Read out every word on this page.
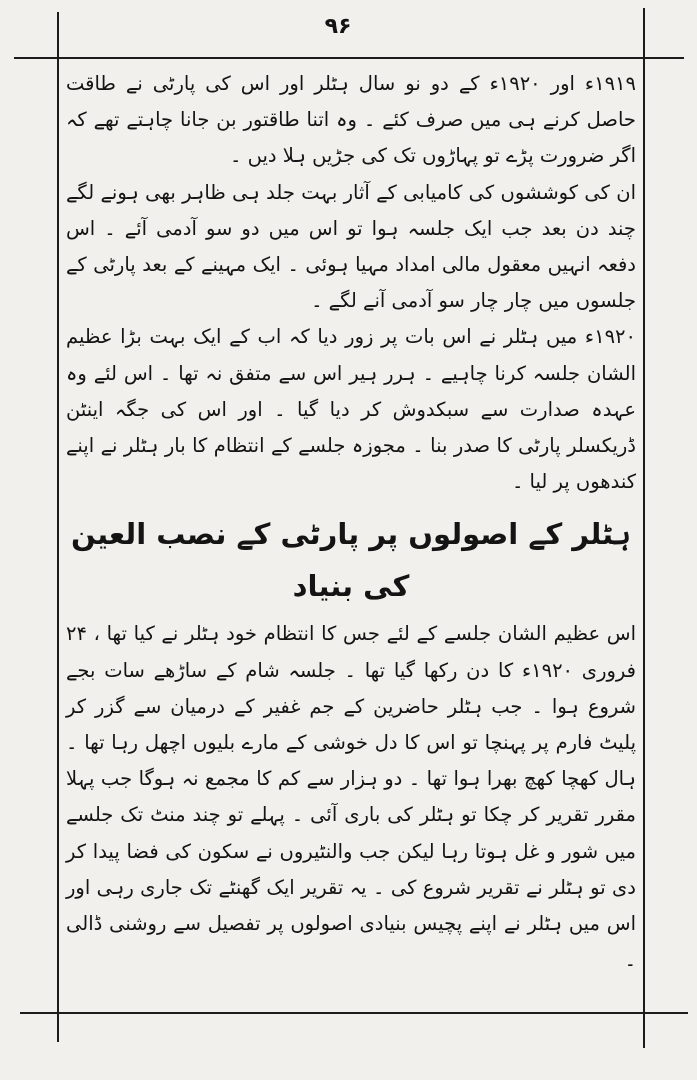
۹۶

۱۹۱۹ء اور ۱۹۲۰ء کے دو نو سال ہٹلر اور اس کی پارٹی نے طاقت حاصل کرنے ہی میں صرف کئے ۔ وہ اتنا طاقتور بن جانا چاہتے تھے کہ اگر ضرورت پڑے تو پہاڑوں تک کی جڑیں ہلا دیں ۔

ان کی کوششوں کی کامیابی کے آثار بہت جلد ہی ظاہر بھی ہونے لگے چند دن بعد جب ایک جلسہ ہوا تو اس میں دو سو آدمی آئے ۔ اس دفعہ انہیں معقول مالی امداد مہیا ہوئی ۔ ایک مہینے کے بعد پارٹی کے جلسوں میں چار چار سو آدمی آنے لگے ۔

۱۹۲۰ء میں ہٹلر نے اس بات پر زور دیا کہ اب کے ایک بہت بڑا عظیم الشان جلسہ کرنا چاہیے ۔ ہرر ہیر اس سے متفق نہ تھا ۔ اس لئے وہ عہدہ صدارت سے سبکدوش کر دیا گیا ۔ اور اس کی جگہ اینٹن ڈریکسلر پارٹی کا صدر بنا ۔ مجوزہ جلسے کے انتظام کا بار ہٹلر نے اپنے کندھوں پر لیا ۔

ہٹلر کے اصولوں پر پارٹی کے نصب العین کی بنیاد

اس عظیم الشان جلسے کے لئے جس کا انتظام خود ہٹلر نے کیا تھا ، ۲۴ فروری ۱۹۲۰ء کا دن رکھا گیا تھا ۔ جلسہ شام کے ساڑھے سات بجے شروع ہوا ۔ جب ہٹلر حاضرین کے جم غفیر کے درمیان سے گزر کر پلیٹ فارم پر پہنچا تو اس کا دل خوشی کے مارے بلیوں اچھل رہا تھا ۔ ہال کھچا کھچ بھرا ہوا تھا ۔ دو ہزار سے کم کا مجمع نہ ہوگا جب پہلا مقرر تقریر کر چکا تو ہٹلر کی باری آئی ۔ پہلے تو چند منٹ تک جلسے میں شور و غل ہوتا رہا لیکن جب والنٹیروں نے سکون کی فضا پیدا کر دی تو ہٹلر نے تقریر شروع کی ۔ یہ تقریر ایک گھنٹے تک جاری رہی اور اس میں ہٹلر نے اپنے پچیس بنیادی اصولوں پر تفصیل سے روشنی ڈالی ۔
